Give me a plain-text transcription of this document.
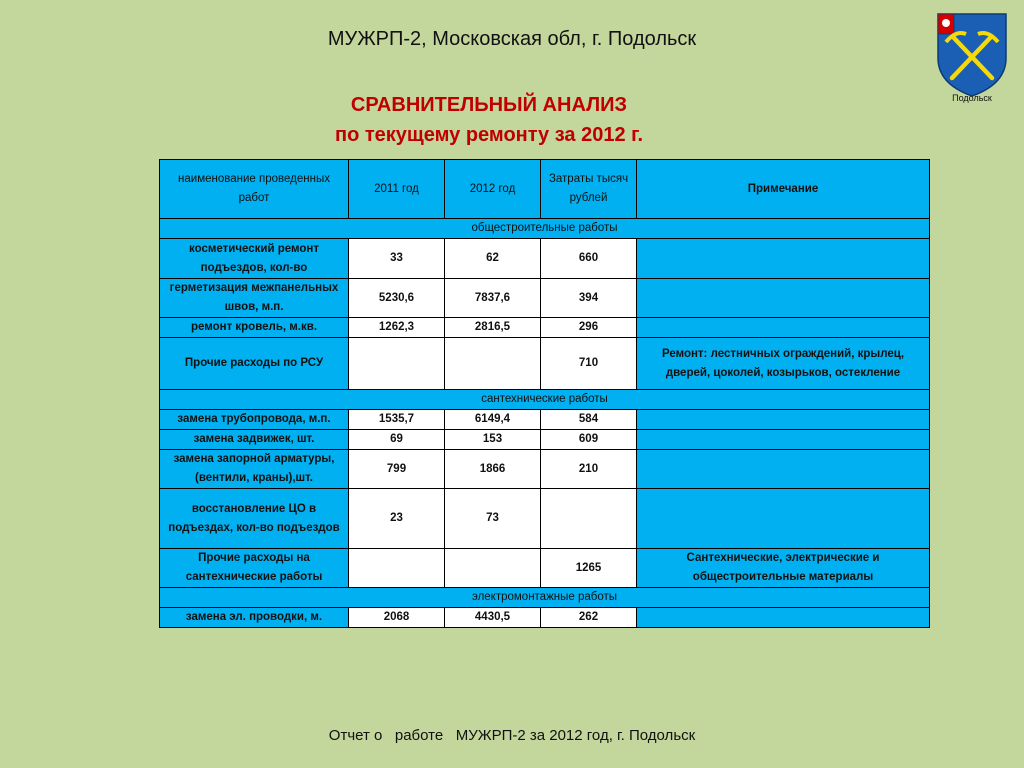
МУЖРП-2, Московская обл, г. Подольск
СРАВНИТЕЛЬНЫЙ АНАЛИЗ
по текущему ремонту за 2012 г.
Подольск
наименование проведенных работ	2011 год	2012 год	Затраты тысяч рублей	Примечание
общестроительные работы				
косметический ремонт подъездов, кол-во	33	62	660	
герметизация межпанельных швов, м.п.	5230,6	7837,6	394	
ремонт кровель, м.кв.	1262,3	2816,5	296	
Прочие расходы по РСУ			710	Ремонт: лестничных ограждений, крылец, дверей, цоколей, козырьков, остекление
сантехнические работы				
замена трубопровода, м.п.	1535,7	6149,4	584	
замена задвижек, шт.	69	153	609	
замена запорной арматуры, (вентили, краны),шт.	799	1866	210	
восстановление ЦО в подъездах, кол-во подъездов	23	73		
Прочие расходы на сантехнические работы			1265	Сантехнические, электрические и общестроительные материалы
электромонтажные работы				
замена эл. проводки, м.	2068	4430,5	262	
Отчет о   работе   МУЖРП-2 за 2012 год, г. Подольск
